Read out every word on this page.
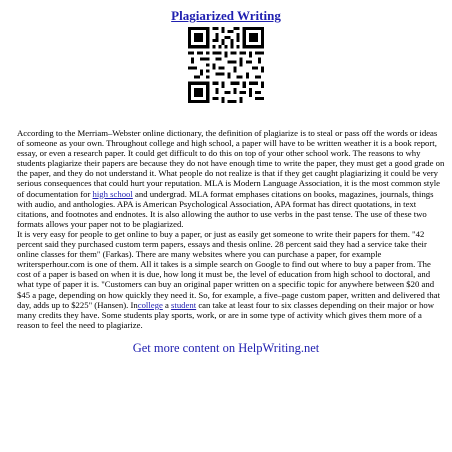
Plagiarized Writing

According to the Merriam–Webster online dictionary, the definition of plagiarize is to steal or pass off the words or ideas of someone as your own. Throughout college and high school, a paper will have to be written weather it is a book report, essay, or even a research paper. It could get difficult to do this on top of your other school work. The reasons to why students plagiarize their papers are because they do not have enough time to write the paper, they must get a good grade on the paper, and they do not understand it. What people do not realize is that if they get caught plagiarizing it could be very serious consequences that could hurt your reputation. MLA is Modern Language Association, it is the most common style of documentation for high school and undergrad. MLA format emphases citations on books, magazines, journals, things with audio, and anthologies. APA is American Psychological Association, APA format has direct quotations, in text citations, and footnotes and endnotes. It is also allowing the author to use verbs in the past tense. The use of these two formats allows your paper not to be plagiarized.

It is very easy for people to get online to buy a paper, or just as easily get someone to write their papers for them. "42 percent said they purchased custom term papers, essays and thesis online. 28 percent said they had a service take their online classes for them" (Farkas). There are many websites where you can purchase a paper, for example writersperhour.com is one of them. All it takes is a simple search on Google to find out where to buy a paper from. The cost of a paper is based on when it is due, how long it must be, the level of education from high school to doctoral, and what type of paper it is. "Customers can buy an original paper written on a specific topic for anywhere between $20 and $45 a page, depending on how quickly they need it. So, for example, a five–page custom paper, written and delivered that day, adds up to $225" (Hansen). Incollege a student can take at least four to six classes depending on their major or how many credits they have. Some students play sports, work, or are in some type of activity which gives them more of a reason to feel the need to plagiarize.

Get more content on HelpWriting.net
